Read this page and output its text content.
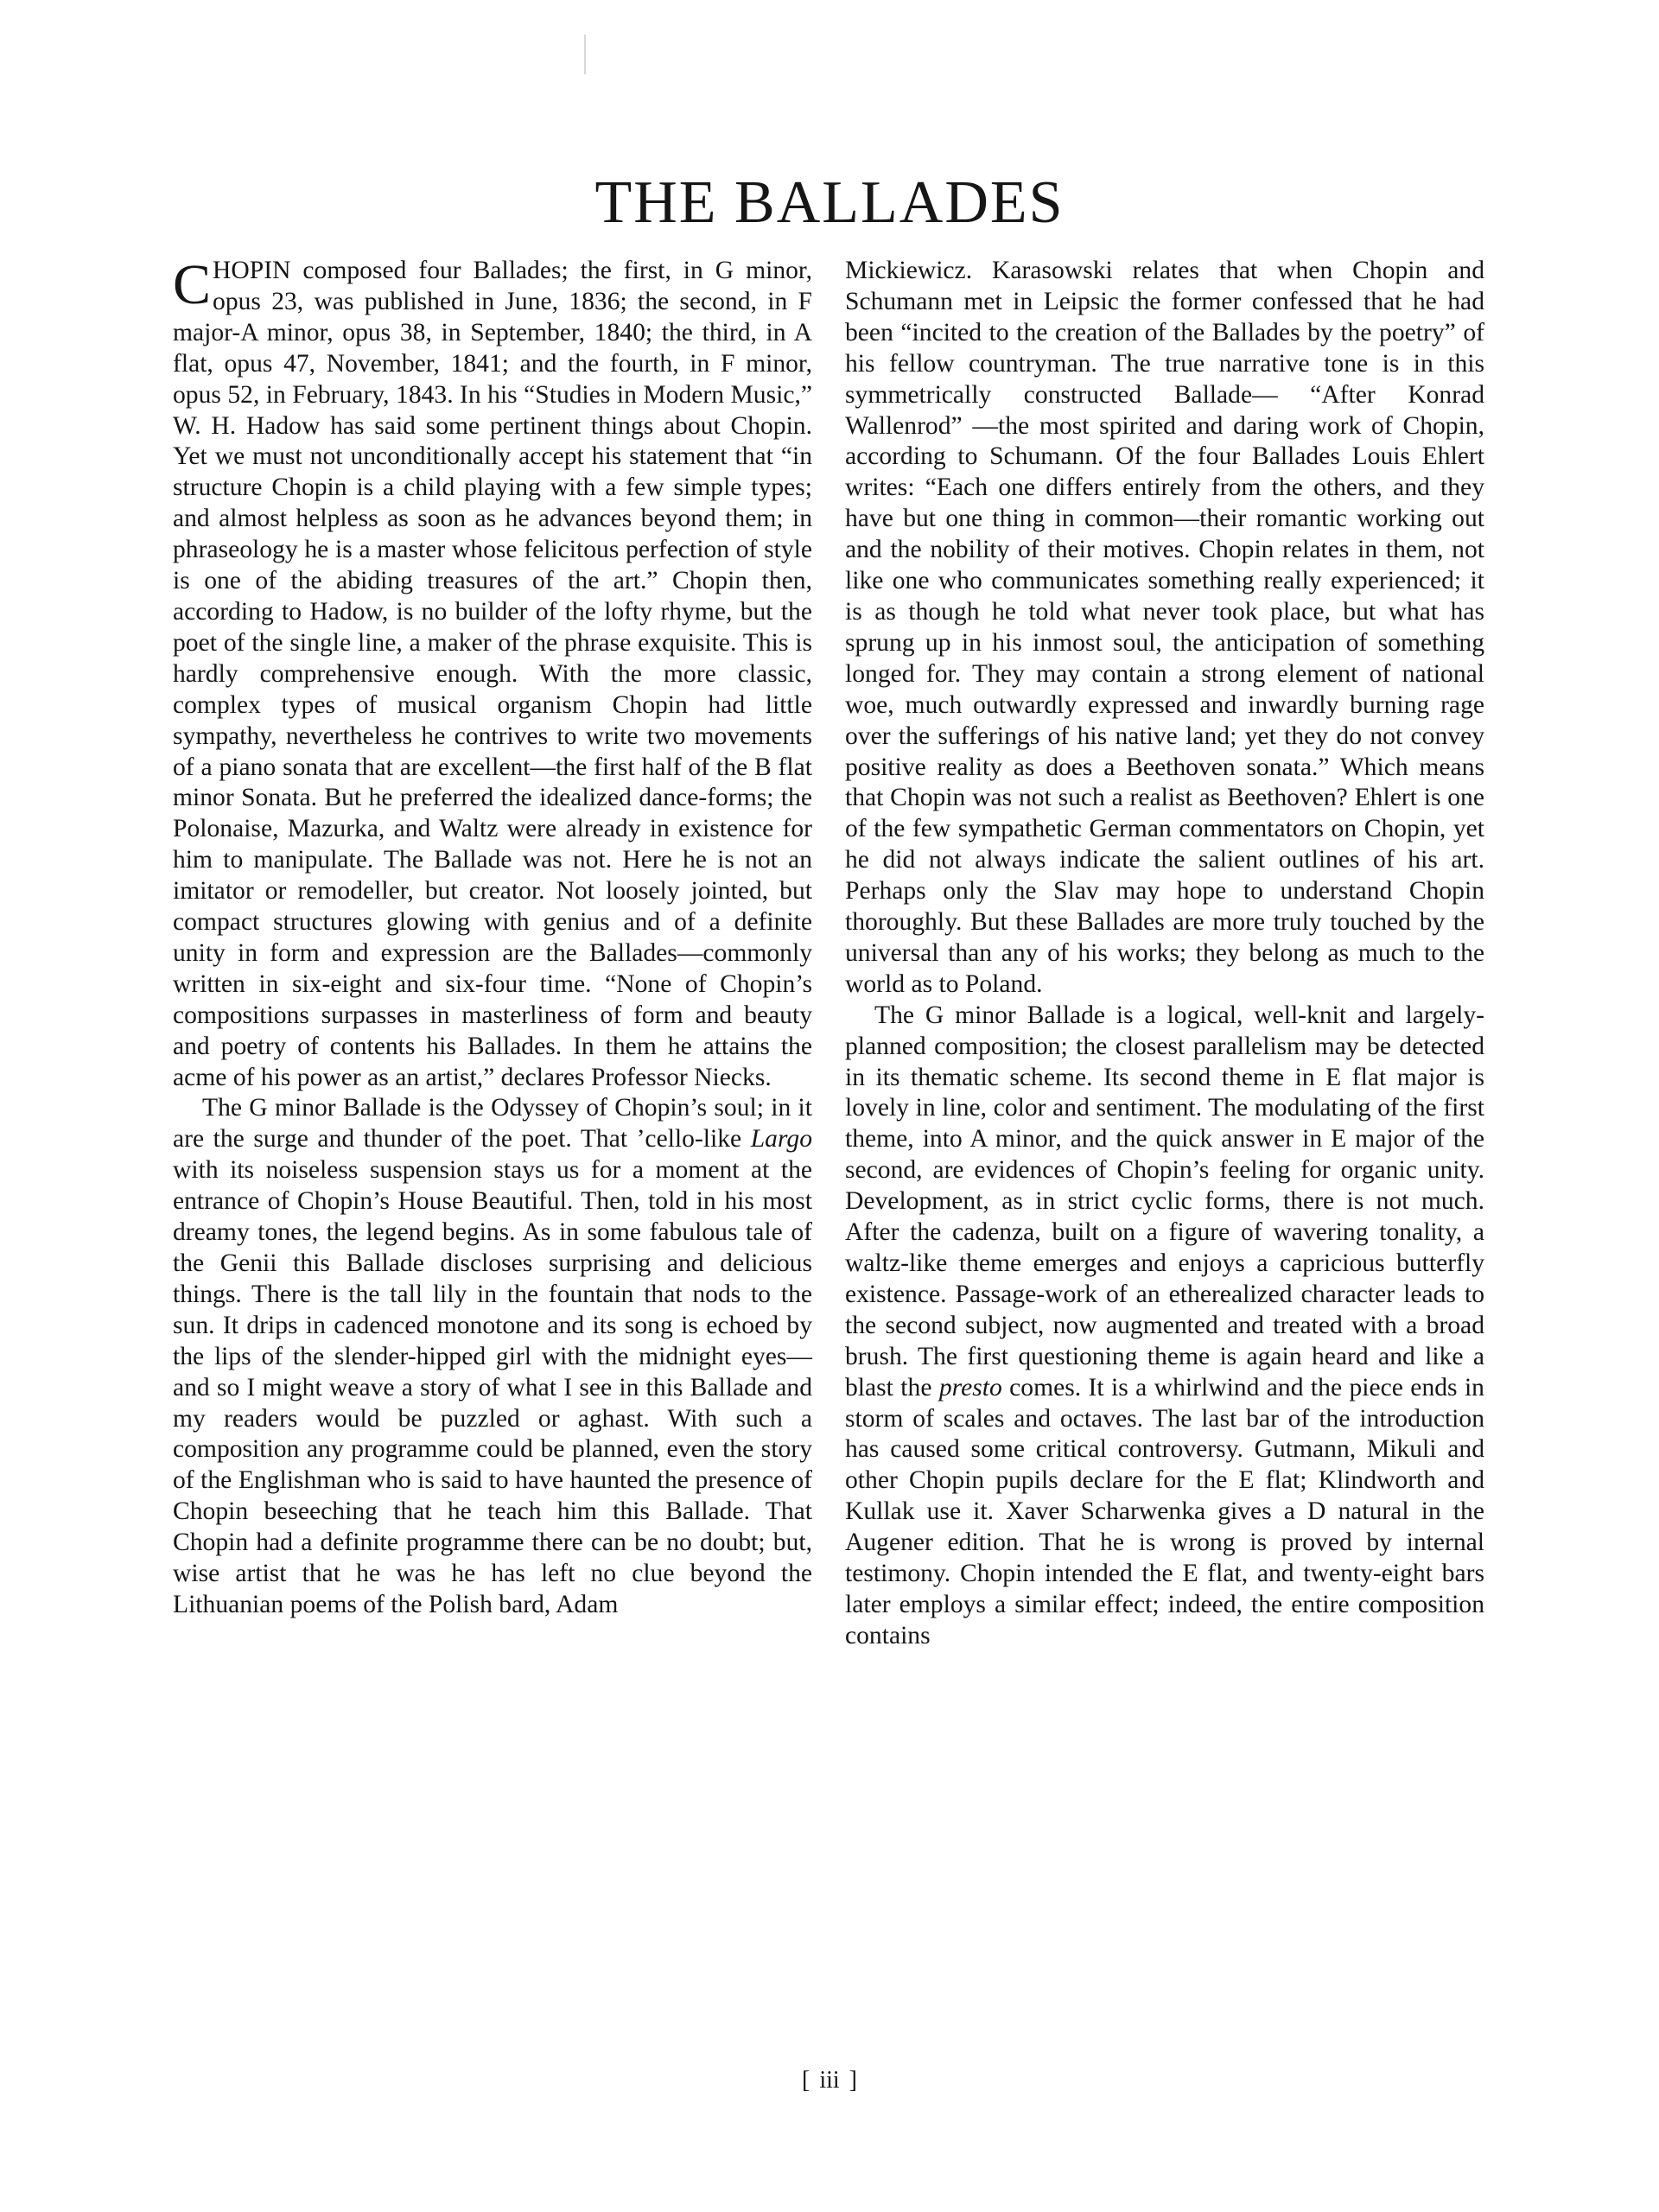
THE BALLADES

CHOPIN composed four Ballades; the first, in G minor, opus 23, was published in June, 1836; the second, in F major-A minor, opus 38, in September, 1840; the third, in A flat, opus 47, November, 1841; and the fourth, in F minor, opus 52, in February, 1843. In his “Studies in Modern Music,” W. H. Hadow has said some pertinent things about Chopin. Yet we must not unconditionally accept his statement that “in structure Chopin is a child playing with a few simple types; and almost helpless as soon as he advances beyond them; in phraseology he is a master whose felicitous perfection of style is one of the abiding treasures of the art.” Chopin then, according to Hadow, is no builder of the lofty rhyme, but the poet of the single line, a maker of the phrase exquisite. This is hardly comprehensive enough. With the more classic, complex types of musical organism Chopin had little sympathy, nevertheless he contrives to write two movements of a piano sonata that are excellent—the first half of the B flat minor Sonata. But he preferred the idealized dance-forms; the Polonaise, Mazurka, and Waltz were already in existence for him to manipulate. The Ballade was not. Here he is not an imitator or remodeller, but creator. Not loosely jointed, but compact structures glowing with genius and of a definite unity in form and expression are the Ballades—commonly written in six-eight and six-four time. “None of Chopin’s compositions surpasses in masterliness of form and beauty and poetry of contents his Ballades. In them he attains the acme of his power as an artist,” declares Professor Niecks.

The G minor Ballade is the Odyssey of Chopin’s soul; in it are the surge and thunder of the poet. That ’cello-like Largo with its noiseless suspension stays us for a moment at the entrance of Chopin’s House Beautiful. Then, told in his most dreamy tones, the legend begins. As in some fabulous tale of the Genii this Ballade discloses surprising and delicious things. There is the tall lily in the fountain that nods to the sun. It drips in cadenced monotone and its song is echoed by the lips of the slender-hipped girl with the midnight eyes—and so I might weave a story of what I see in this Ballade and my readers would be puzzled or aghast. With such a composition any programme could be planned, even the story of the Englishman who is said to have haunted the presence of Chopin beseeching that he teach him this Ballade. That Chopin had a definite programme there can be no doubt; but, wise artist that he was he has left no clue beyond the Lithuanian poems of the Polish bard, Adam

Mickiewicz. Karasowski relates that when Chopin and Schumann met in Leipsic the former confessed that he had been “incited to the creation of the Ballades by the poetry” of his fellow countryman. The true narrative tone is in this symmetrically constructed Ballade— “After Konrad Wallenrod” —the most spirited and daring work of Chopin, according to Schumann. Of the four Ballades Louis Ehlert writes: “Each one differs entirely from the others, and they have but one thing in common—their romantic working out and the nobility of their motives. Chopin relates in them, not like one who communicates something really experienced; it is as though he told what never took place, but what has sprung up in his inmost soul, the anticipation of something longed for. They may contain a strong element of national woe, much outwardly expressed and inwardly burning rage over the sufferings of his native land; yet they do not convey positive reality as does a Beethoven sonata.” Which means that Chopin was not such a realist as Beethoven? Ehlert is one of the few sympathetic German commentators on Chopin, yet he did not always indicate the salient outlines of his art. Perhaps only the Slav may hope to understand Chopin thoroughly. But these Ballades are more truly touched by the universal than any of his works; they belong as much to the world as to Poland.

The G minor Ballade is a logical, well-knit and largely-planned composition; the closest parallelism may be detected in its thematic scheme. Its second theme in E flat major is lovely in line, color and sentiment. The modulating of the first theme, into A minor, and the quick answer in E major of the second, are evidences of Chopin’s feeling for organic unity. Development, as in strict cyclic forms, there is not much. After the cadenza, built on a figure of wavering tonality, a waltz-like theme emerges and enjoys a capricious butterfly existence. Passage-work of an etherealized character leads to the second subject, now augmented and treated with a broad brush. The first questioning theme is again heard and like a blast the presto comes. It is a whirlwind and the piece ends in storm of scales and octaves. The last bar of the introduction has caused some critical controversy. Gutmann, Mikuli and other Chopin pupils declare for the E flat; Klindworth and Kullak use it. Xaver Scharwenka gives a D natural in the Augener edition. That he is wrong is proved by internal testimony. Chopin intended the E flat, and twenty-eight bars later employs a similar effect; indeed, the entire composition contains

[ iii ]
